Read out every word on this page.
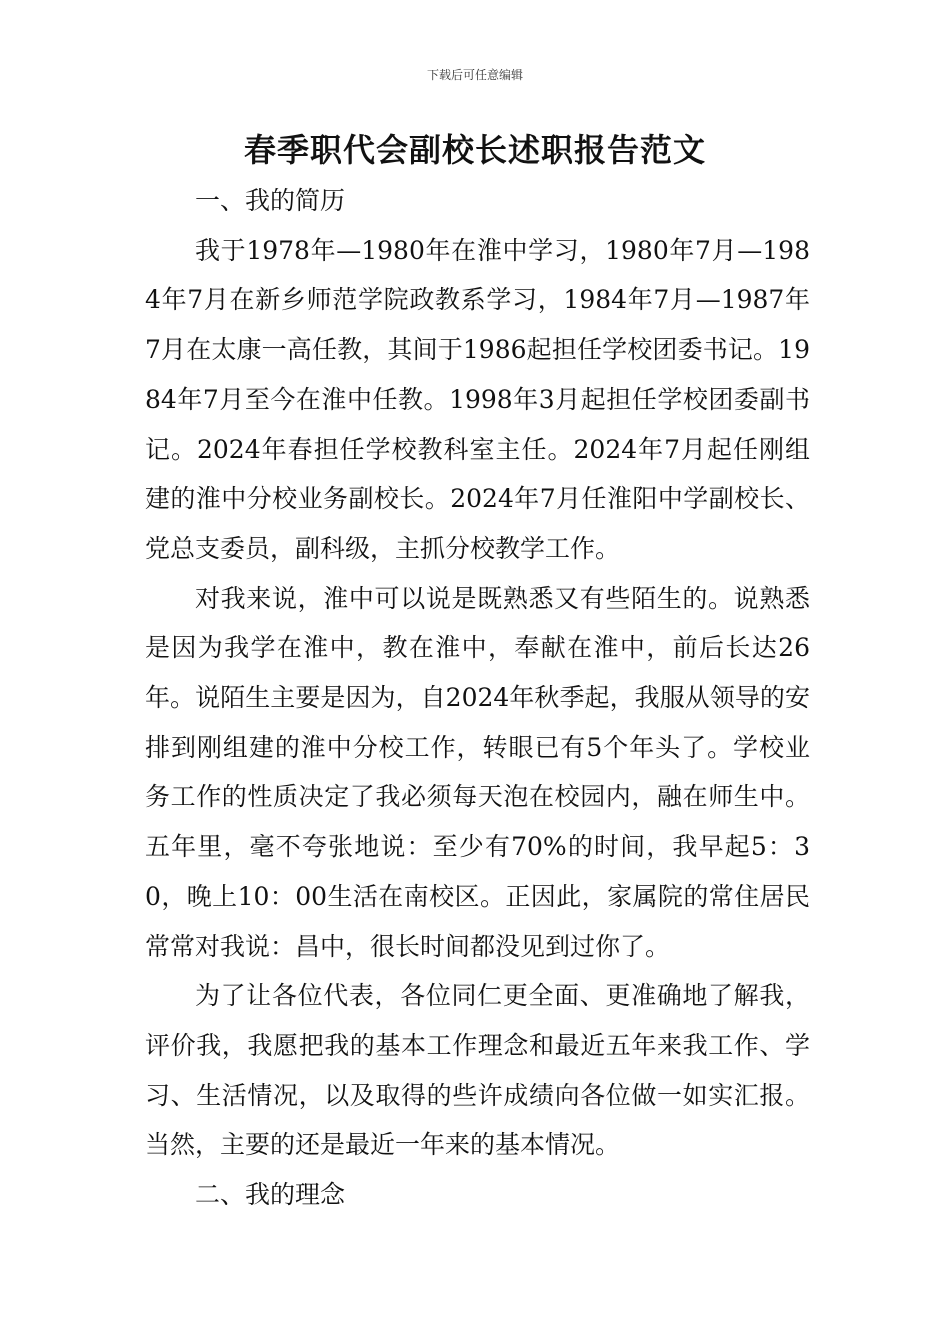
下载后可任意编辑
春季职代会副校长述职报告范文

一、我的简历

我于1978年—1980年在淮中学习，1980年7月—1984年7月在新乡师范学院政教系学习，1984年7月—1987年7月在太康一高任教，其间于1986起担任学校团委书记。1984年7月至今在淮中任教。1998年3月起担任学校团委副书记。2024年春担任学校教科室主任。2024年7月起任刚组建的淮中分校业务副校长。2024年7月任淮阳中学副校长、党总支委员，副科级，主抓分校教学工作。

对我来说，淮中可以说是既熟悉又有些陌生的。说熟悉是因为我学在淮中，教在淮中，奉献在淮中，前后长达26年。说陌生主要是因为，自2024年秋季起，我服从领导的安排到刚组建的淮中分校工作，转眼已有5个年头了。学校业务工作的性质决定了我必须每天泡在校园内，融在师生中。五年里，毫不夸张地说：至少有70%的时间，我早起5：30，晚上10：00生活在南校区。正因此，家属院的常住居民常常对我说：昌中，很长时间都没见到过你了。

为了让各位代表，各位同仁更全面、更准确地了解我，评价我，我愿把我的基本工作理念和最近五年来我工作、学习、生活情况，以及取得的些许成绩向各位做一如实汇报。当然，主要的还是最近一年来的基本情况。

二、我的理念
